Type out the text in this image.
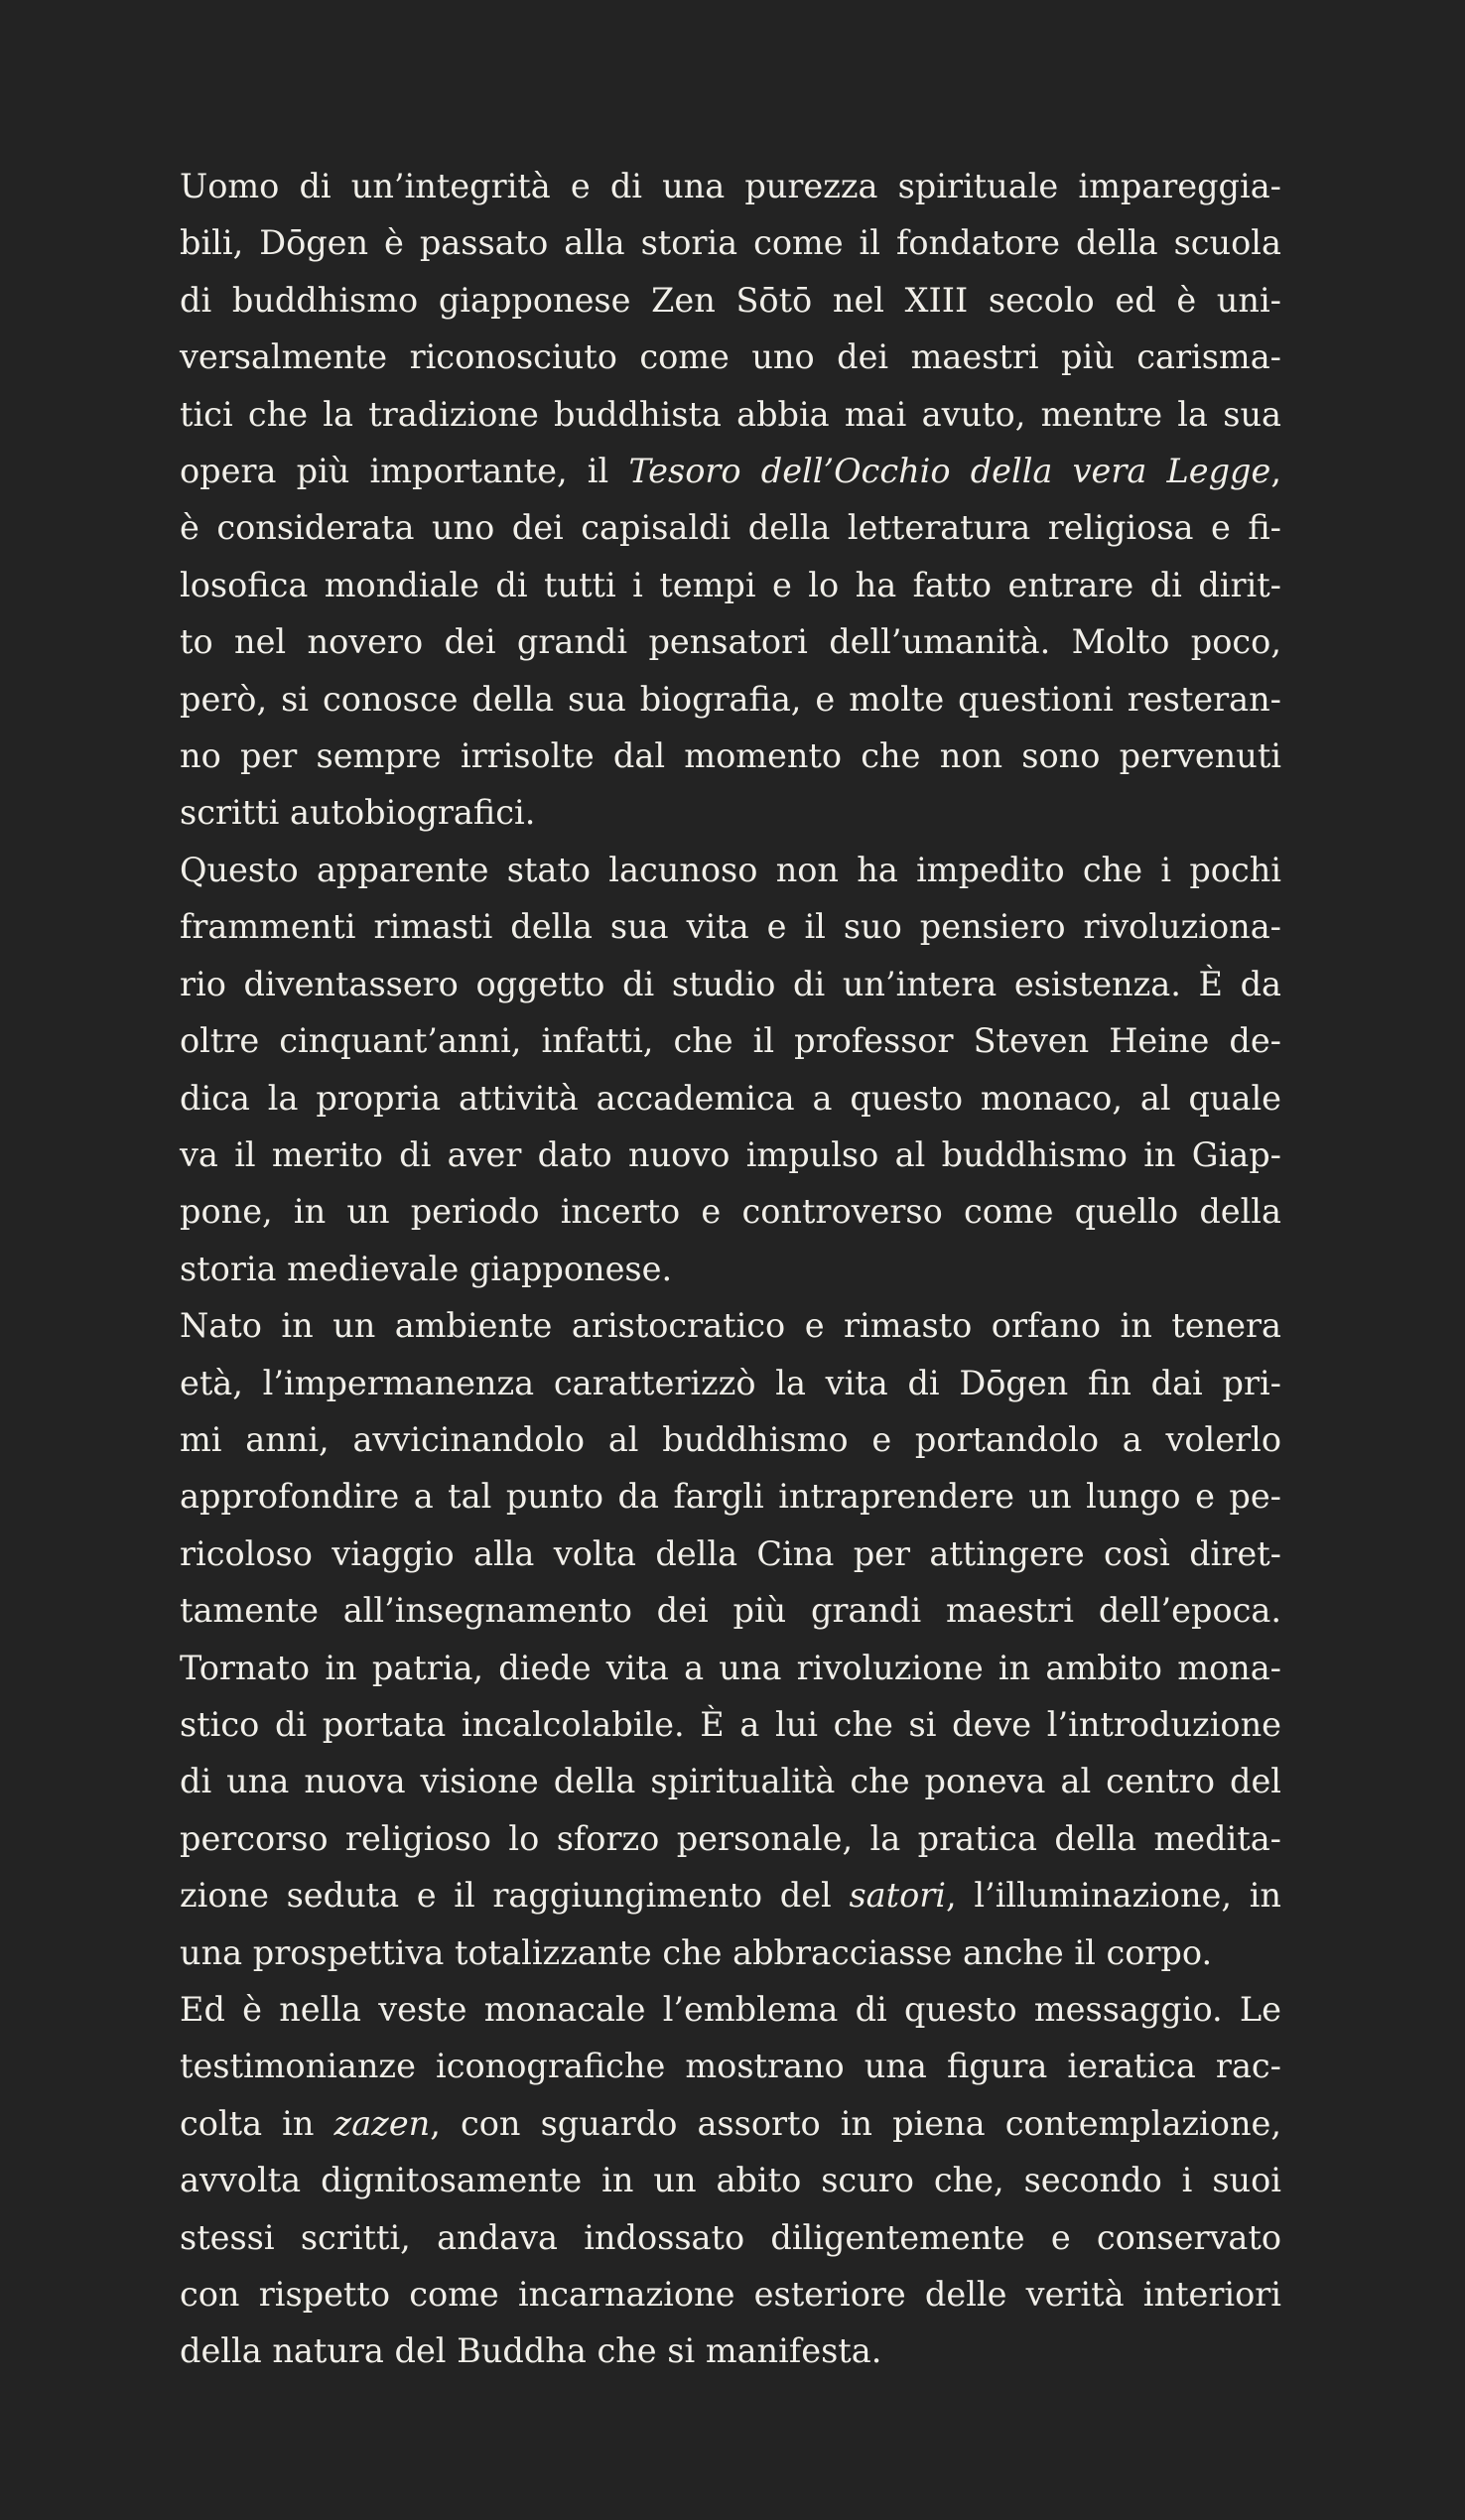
Uomo di un’integrità e di una purezza spirituale impareggia-
bili, Dōgen è passato alla storia come il fondatore della scuola
di buddhismo giapponese Zen Sōtō nel XIII secolo ed è uni-
versalmente riconosciuto come uno dei maestri più carisma-
tici che la tradizione buddhista abbia mai avuto, mentre la sua
opera più importante, il Tesoro dell’Occhio della vera Legge,
è considerata uno dei capisaldi della letteratura religiosa e fi-
losofica mondiale di tutti i tempi e lo ha fatto entrare di dirit-
to nel novero dei grandi pensatori dell’umanità. Molto poco,
però, si conosce della sua biografia, e molte questioni resteran-
no per sempre irrisolte dal momento che non sono pervenuti
scritti autobiografici.
Questo apparente stato lacunoso non ha impedito che i pochi
frammenti rimasti della sua vita e il suo pensiero rivoluziona-
rio diventassero oggetto di studio di un’intera esistenza. È da
oltre cinquant’anni, infatti, che il professor Steven Heine de-
dica la propria attività accademica a questo monaco, al quale
va il merito di aver dato nuovo impulso al buddhismo in Giap-
pone, in un periodo incerto e controverso come quello della
storia medievale giapponese.
Nato in un ambiente aristocratico e rimasto orfano in tenera
età, l’impermanenza caratterizzò la vita di Dōgen fin dai pri-
mi anni, avvicinandolo al buddhismo e portandolo a volerlo
approfondire a tal punto da fargli intraprendere un lungo e pe-
ricoloso viaggio alla volta della Cina per attingere così diret-
tamente all’insegnamento dei più grandi maestri dell’epoca.
Tornato in patria, diede vita a una rivoluzione in ambito mona-
stico di portata incalcolabile. È a lui che si deve l’introduzione
di una nuova visione della spiritualità che poneva al centro del
percorso religioso lo sforzo personale, la pratica della medita-
zione seduta e il raggiungimento del satori, l’illuminazione, in
una prospettiva totalizzante che abbracciasse anche il corpo.
Ed è nella veste monacale l’emblema di questo messaggio. Le
testimonianze iconografiche mostrano una figura ieratica rac-
colta in zazen, con sguardo assorto in piena contemplazione,
avvolta dignitosamente in un abito scuro che, secondo i suoi
stessi scritti, andava indossato diligentemente e conservato
con rispetto come incarnazione esteriore delle verità interiori
della natura del Buddha che si manifesta.
